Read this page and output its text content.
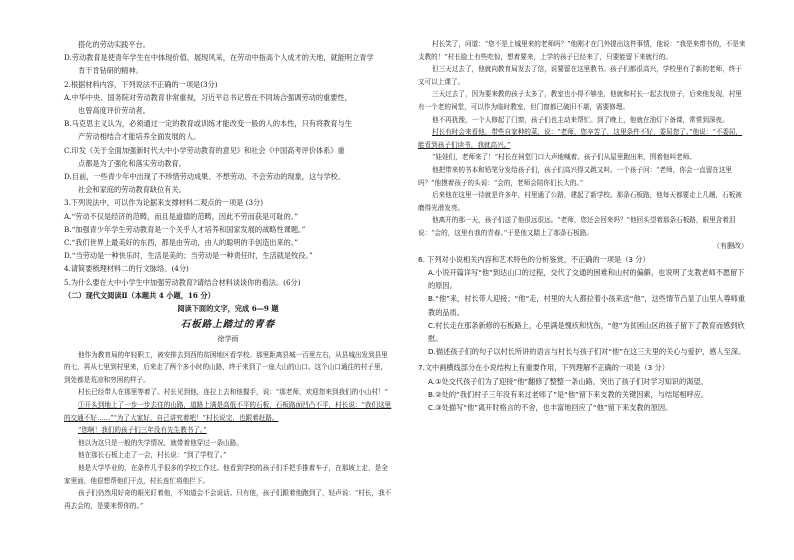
搭化的劳动实践平台。

D.劳动教育是使青年学生在中体现价值、展现风采，在劳动中指高个人成才的天地，就能明立青学

肯干肯钻研的精神。

2.根据材料内容，下列说法不正确的一项是(3分)

A.中华中央、国务院对劳动教育非常重视，习近平总书记曾在不同场合强调劳动的重要性，

也曾高度评价劳动者。

B.马克思主义认为，必须通过一定的教育或训练才能改变一般的人的本性，只有将教育与生

产劳动相结合才能培养全面发展的人。

C.印发《关于全面加强新时代大中小学劳动教育的意见》和社会《中国高考评价体系》重

点都是为了强化和落实劳动教育。

D.目前，一些青少年中出现了不珍惜劳动成果、不想劳动、不会劳动的现象，这与学校、

社会和家庭的劳动教育缺位有关。

3.下列说法中，可以作为论据来支撑材料二观点的一项是 (3分)

A.“劳动不仅是经济的范畴，而且是道德的范畴，因此不劳而获是可耻的。”

B.“加强青少年学生劳动教育是一个关乎人才培养和国家发展的战略性课题。”

C.“我们世界上最美好的东西，都是由劳动，由人的聪明的手创造出来的。”

D.“当劳动是一种快乐时，生活是美的；当劳动是一种责任时，生活就是牧役。”

4.请简要梳理材料二的行文脉络。(4分)

5.为什么要在大中小学生中加强劳动教育?请结合材料谈谈你的看法。(6分)

（二）现代文阅读Ⅱ（本题共 4 小题，16 分）

阅读下面的文字，完成 6—9 题

石板路上踏过的青春
徐学雨

他作为教育局的年轻职工，被安排去到西的贫困地区看学校。那里距离县城一百里左右，从县城出发到县里的七，再从七里到村里来，后来走了两个多小时的山路，终于来到了一座大山的山口。这个山口通往的村子里，到处都是荒凉和穷困的样子。

村长已经带人在那里等着了。村长见到他，连拉上去和他握手，说：“那老师，欢迎您来到我们的小山村！”

①开头到地上了一步一步去往的山路，道路上满是高低不平的石板，石板路面凹凸不平，村长说：“我们这里的交通不好……”“为了大家好，自己讲究着吧！”村长说完，也跟着赶路。

“您啊！我们的孩子们三年没有先生教书了。”

他以为这只是一般的失学情况，就带着他穿过一条山路。

他在那长石板上走了一会，村长说：“到了学校了。”

他是大学毕业的，在条件几乎很多的学校工作过。他看到学校的孩子们手把手推着车子，在那坡上走，是全家里面，他很想帮他们干点，村长连忙将他拦下。

孩子们仍然用好奇的眼光盯着他，不知道会不会说话。只有他，孩子们跟着他跑到了，轻声说：“村长，我不再去会的，是要来帮你的。”

村长笑了，问道：“您不是上城里来的老师吗？”他刚才在门外提出这件事情，他说：“我是来带书的，不是来支教的！”村长脸上有些吃惊，想着要来，上学的孩子已经来了，只要能留下来就行的。

但三天过去了，他就向教育局发去了信，说要留在这里教书。孩子们都很高兴，学校里有了新的老师，终于又可以上课了。

三天过去了，因为要来教的孩子太多了，教室也小得不够坐，他就和村长一起去找房子，后来他发现，村里有一个老的祠堂，可以作为临时教室，但门窗都已破旧不堪，需要修理。

他不再犹豫，一个人修起了门窗，孩子们也主动来帮忙。到了晚上，他就在油灯下备课，常常到深夜。

村长有时会来看他，带些自家种的菜，说：“老师，您辛苦了，这里条件不好，委屈您了。”他说：“不委屈，能看到孩子们读书，我就高兴。”

“娃娃们，老师来了！”村长在祠堂门口大声地喊着。孩子们从屋里跑出来，围着他叫老师。

他把带来的书本和铅笔分发给孩子们，孩子们高兴得又跳又叫。一个孩子问：“老师，你会一直留在这里吗？”他摸着孩子的头说：“会的，老师会陪你们长大的。”

后来他在这里一待就是许多年，村里通了公路，建起了新学校。那条石板路，他每天都要走上几趟，石板被磨得光滑发亮。

他离开的那一天，孩子们送了他很远很远。“老师，您还会回来吗？”他回头望着那条石板路，眼里含着泪说：“会的，这里有我的青春。”于是他又踏上了那条石板路。

（有删改）

6. 下列对小说相关内容和艺术特色的分析鉴赏，不正确的一项是（3 分）

A.小说开篇详写“他”到达山口的过程，交代了交通的困难和山村的偏僻，也说明了支教老师不愿留下的原因。

B.“他”来，村长带人迎接；“他”走，村里的大人都拉着小孩来送“他”，这些情节凸显了山里人尊师重教的品质。

C.村长走在那条新修的石板路上，心里满是愧疚和忧伤，“他”为贫困山区的孩子留下了教育而感到欣慰。

D.描述孩子们的句子以村长所讲的语言与村长与孩子们对“他”在这三天里的关心与爱护，感人至深。

7.文中画横线部分在小说结构上有重要作用，下列理解不正确的一项是（3 分）

A.①处交代孩子们为了迎接“他”翻修了整整一条山路，突出了孩子们对学习知识的渴望。

B.②处的“我们村子三年没有来过老师了”是“他”留下来支教的关键因素，与结尾相呼应。

C.③处描写“他”离开时格言的不舍，也丰富地回应了“他”留下来支教的原因。
